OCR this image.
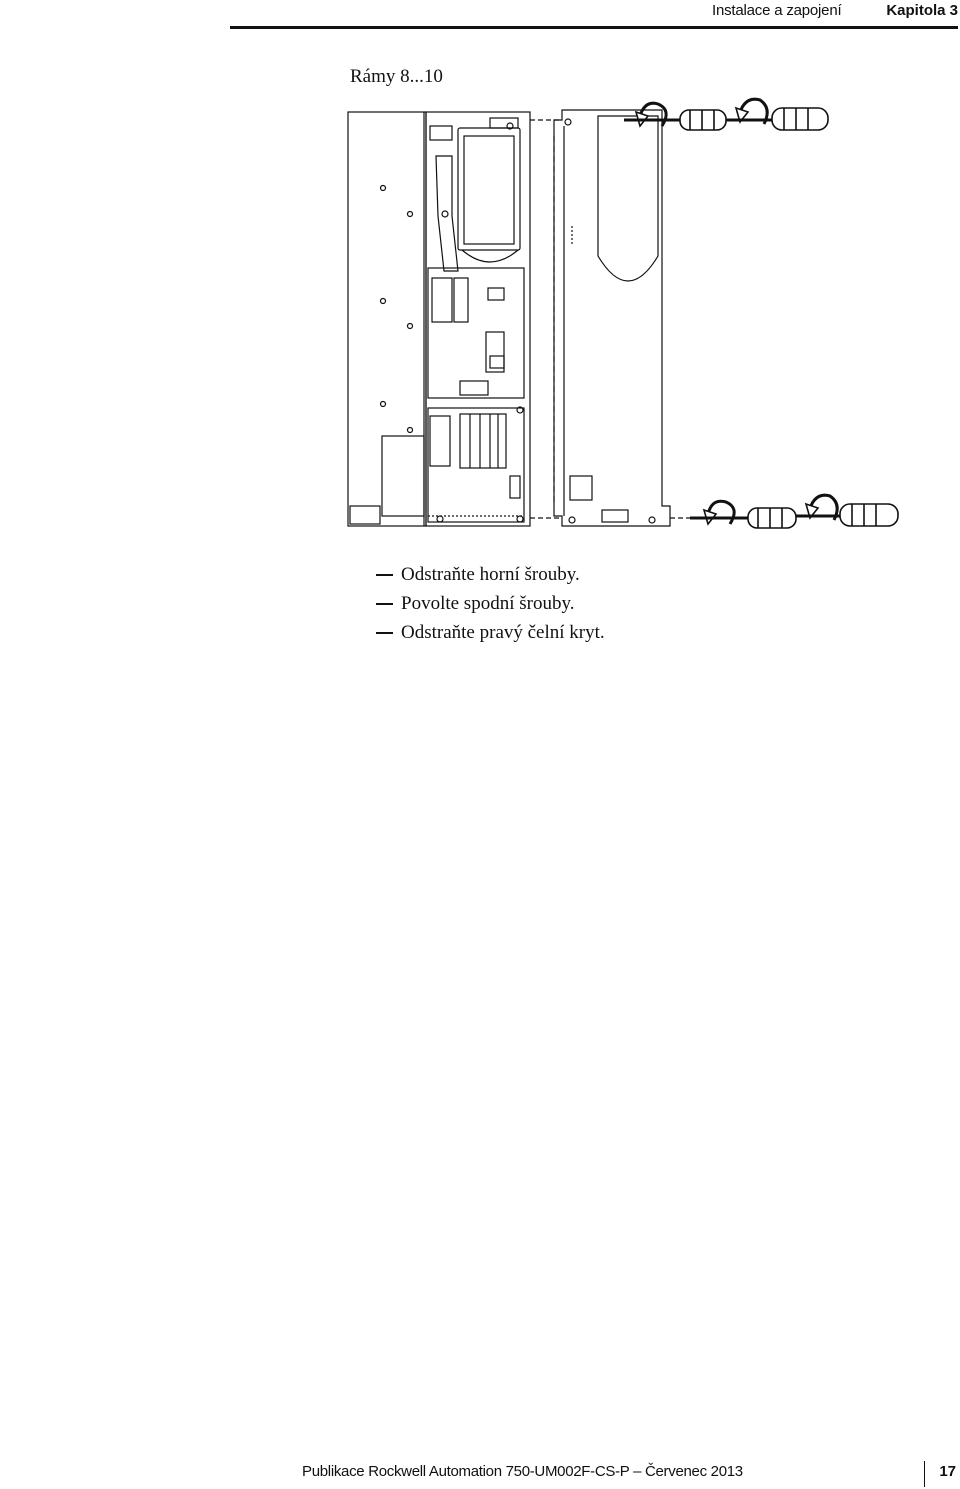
Instalace a zapojení	Kapitola 3
Rámy 8...10
Odstraňte horní šrouby.
Povolte spodní šrouby.
Odstraňte pravý čelní kryt.
Publikace Rockwell Automation 750-UM002F-CS-P – Červenec 2013	17
